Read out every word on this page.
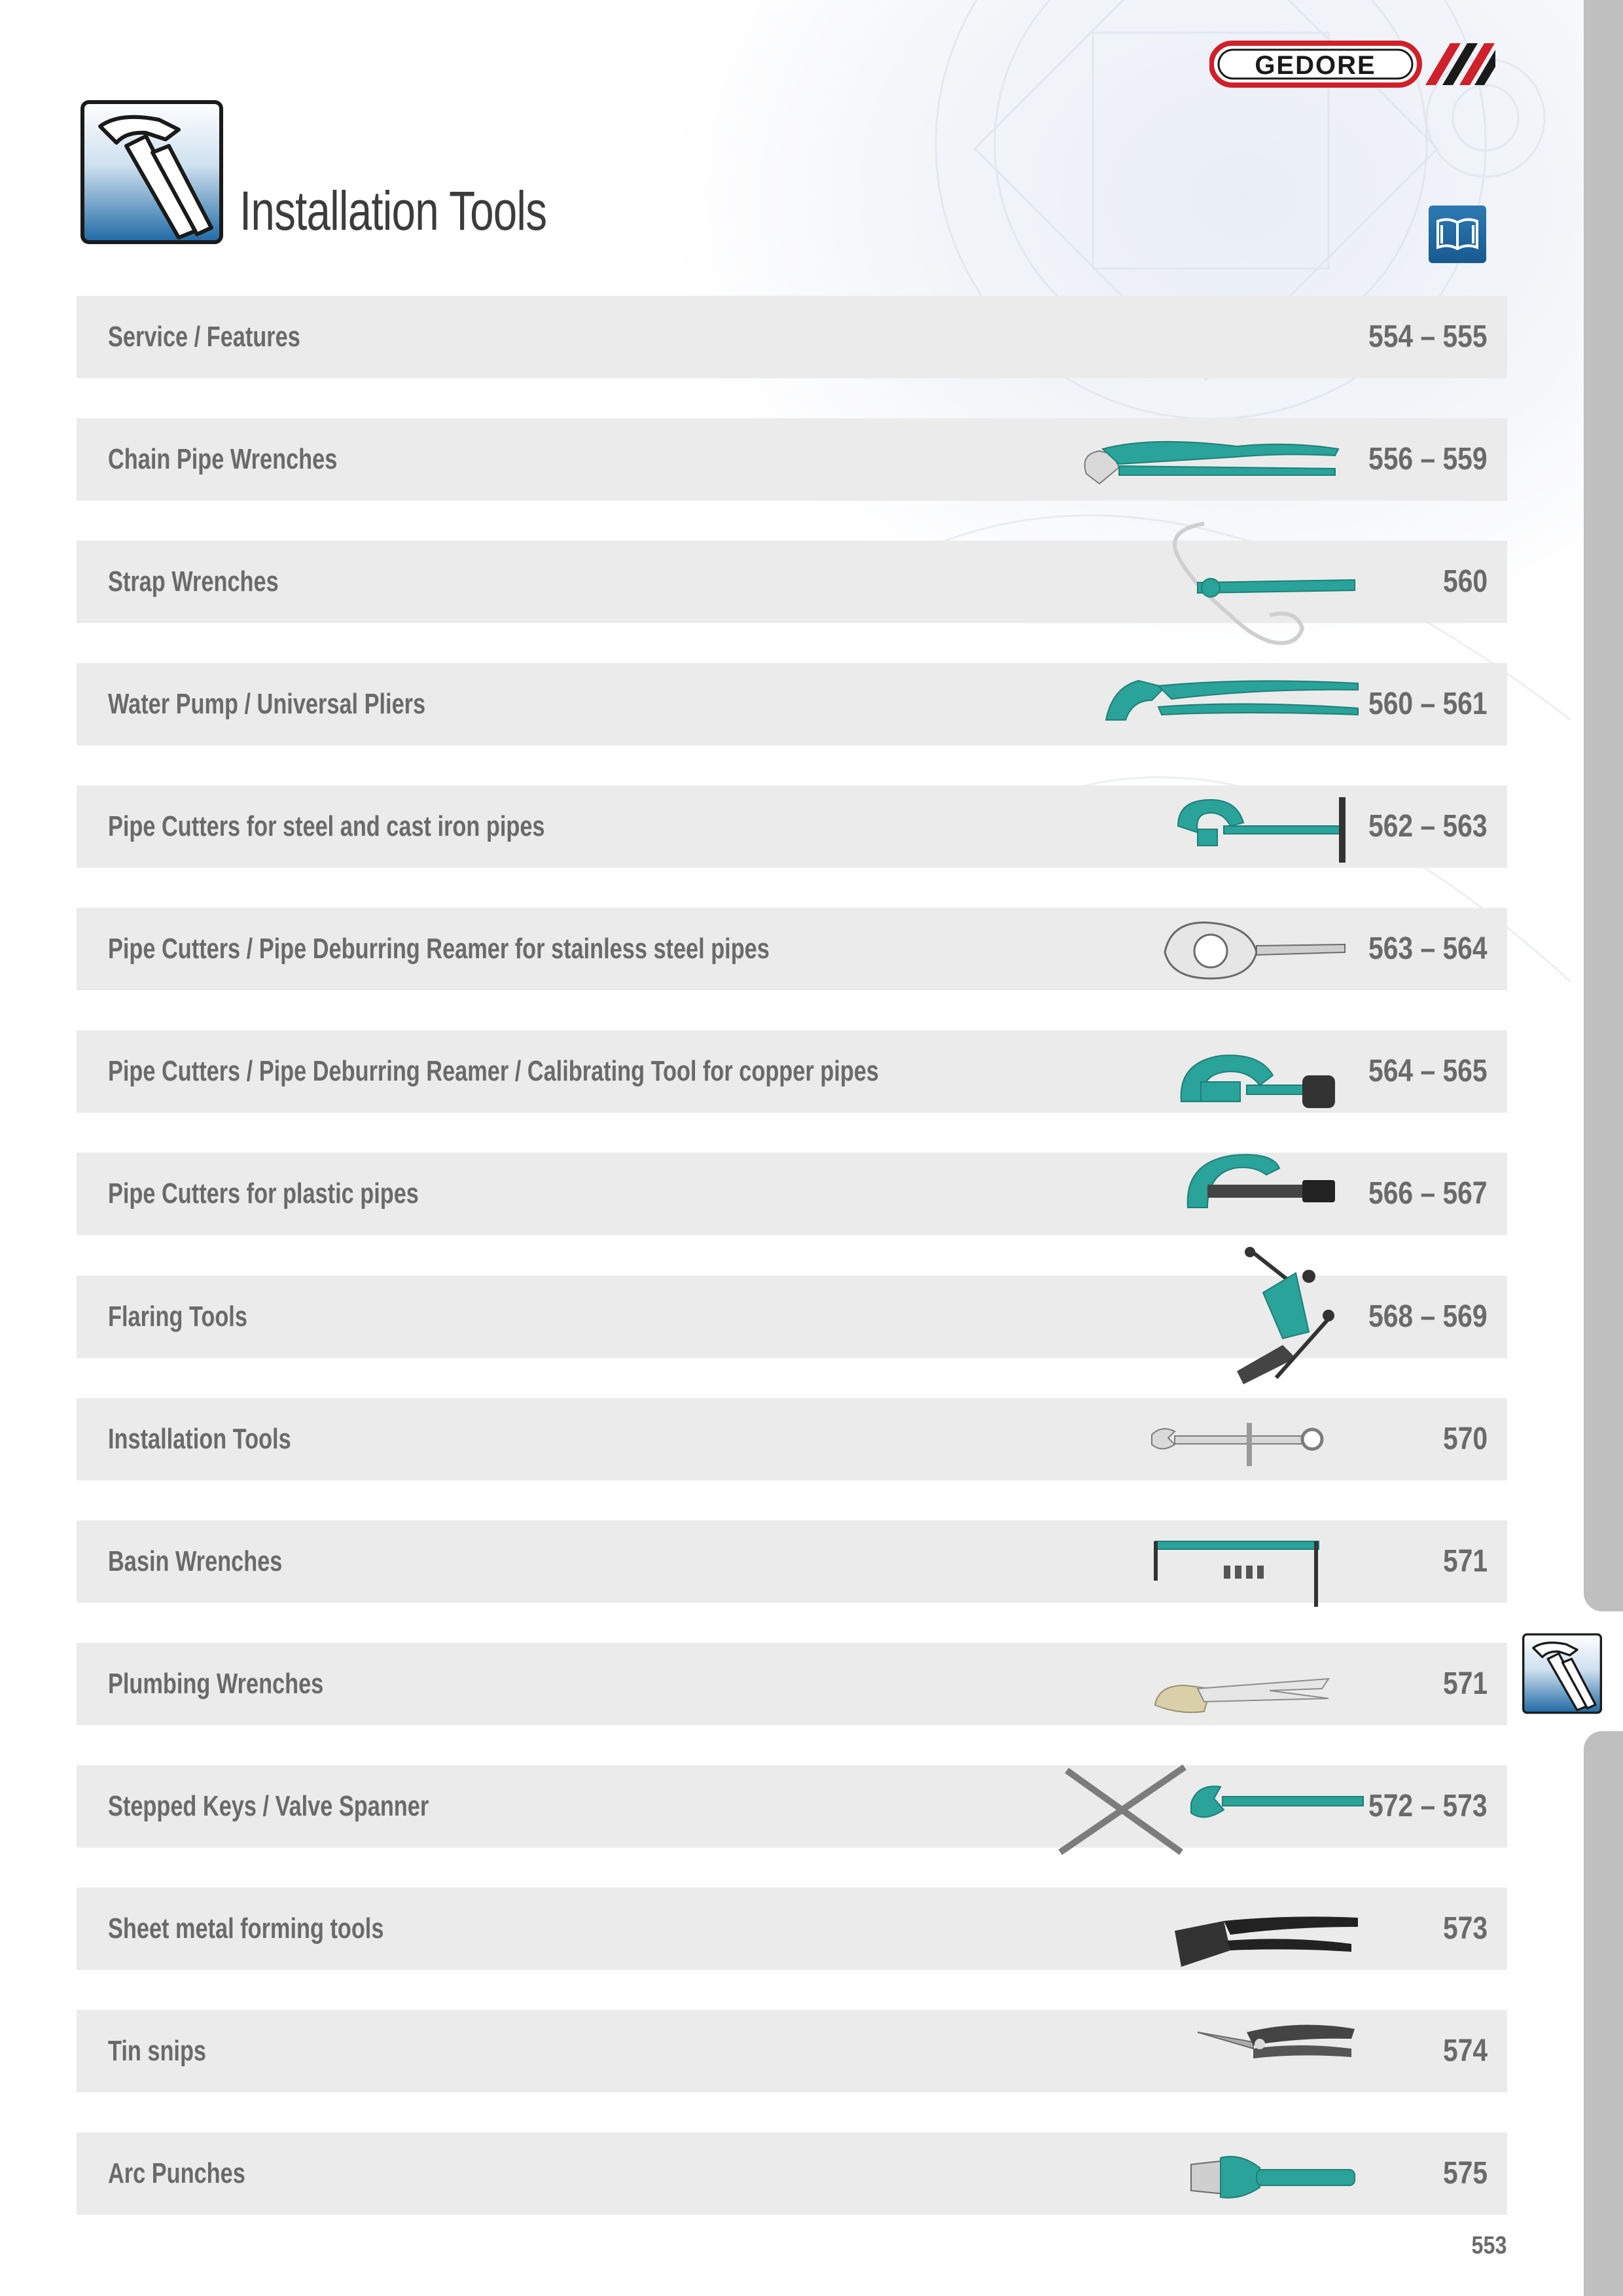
GEDORE
Installation Tools
Service / Features	554 – 555
Chain Pipe Wrenches	556 – 559
Strap Wrenches	560
Water Pump / Universal Pliers	560 – 561
Pipe Cutters for steel and cast iron pipes	562 – 563
Pipe Cutters / Pipe Deburring Reamer for stainless steel pipes	563 – 564
Pipe Cutters / Pipe Deburring Reamer / Calibrating Tool for copper pipes	564 – 565
Pipe Cutters for plastic pipes	566 – 567
Flaring Tools	568 – 569
Installation Tools	570
Basin Wrenches	571
Plumbing Wrenches	571
Stepped Keys / Valve Spanner	572 – 573
Sheet metal forming tools	573
Tin snips	574
Arc Punches	575
553
